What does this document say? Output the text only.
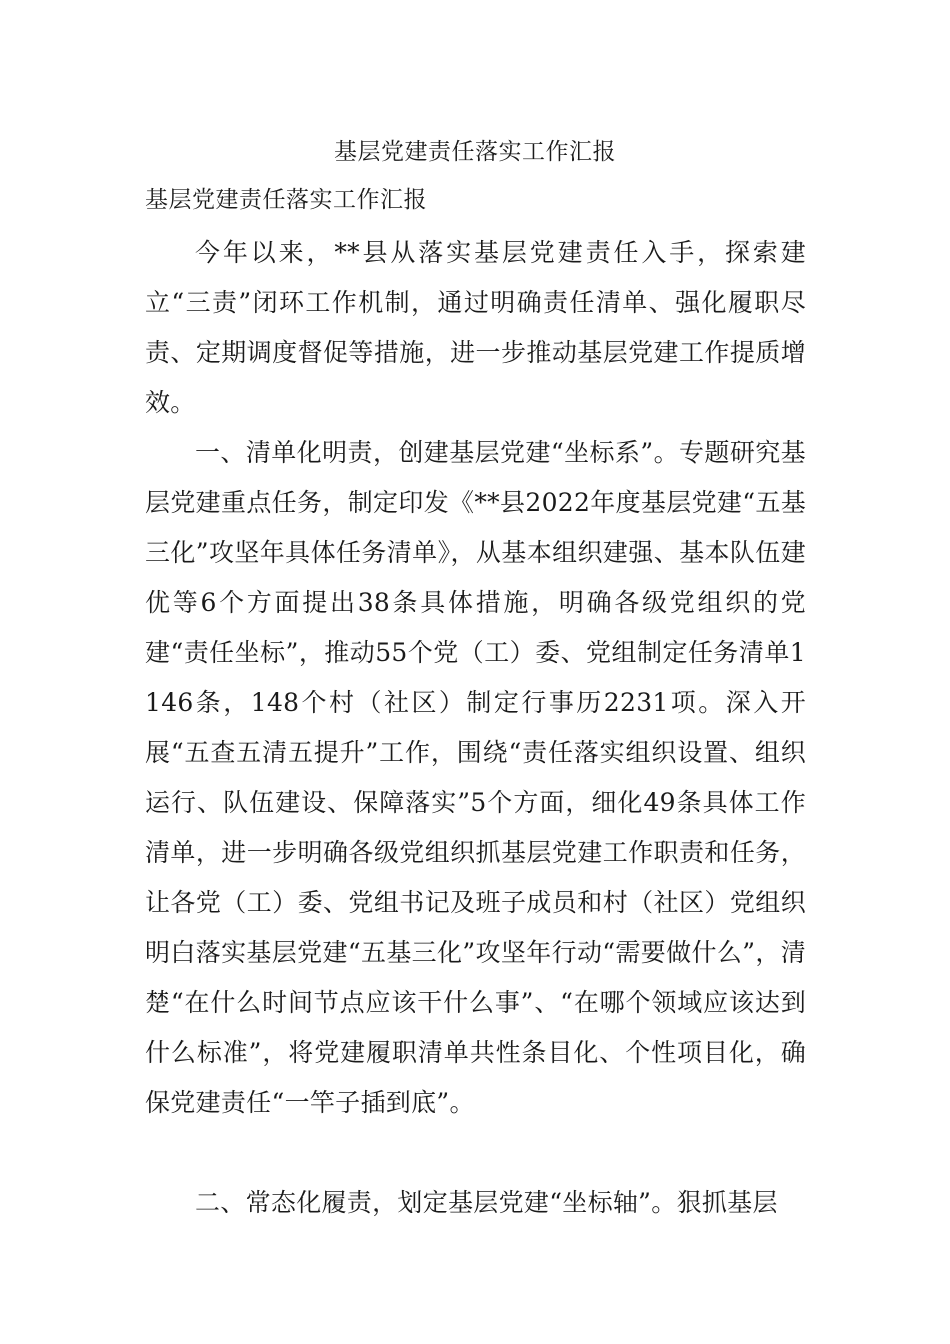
基层党建责任落实工作汇报
基层党建责任落实工作汇报

今年以来，**县从落实基层党建责任入手，探索建立“三责”闭环工作机制，通过明确责任清单、强化履职尽责、定期调度督促等措施，进一步推动基层党建工作提质增效。

一、清单化明责，创建基层党建“坐标系”。专题研究基层党建重点任务，制定印发《**县2022年度基层党建“五基三化”攻坚年具体任务清单》，从基本组织建强、基本队伍建优等6个方面提出38条具体措施，明确各级党组织的党建“责任坐标”，推动55个党（工）委、党组制定任务清单1146条，148个村（社区）制定行事历2231项。深入开展“五查五清五提升”工作，围绕“责任落实组织设置、组织运行、队伍建设、保障落实”5个方面，细化49条具体工作清单，进一步明确各级党组织抓基层党建工作职责和任务，让各党（工）委、党组书记及班子成员和村（社区）党组织明白落实基层党建“五基三化”攻坚年行动“需要做什么”，清楚“在什么时间节点应该干什么事”、“在哪个领域应该达到什么标准”，将党建履职清单共性条目化、个性项目化，确保党建责任“一竿子插到底”。

二、常态化履责，划定基层党建“坐标轴”。狠抓基层
